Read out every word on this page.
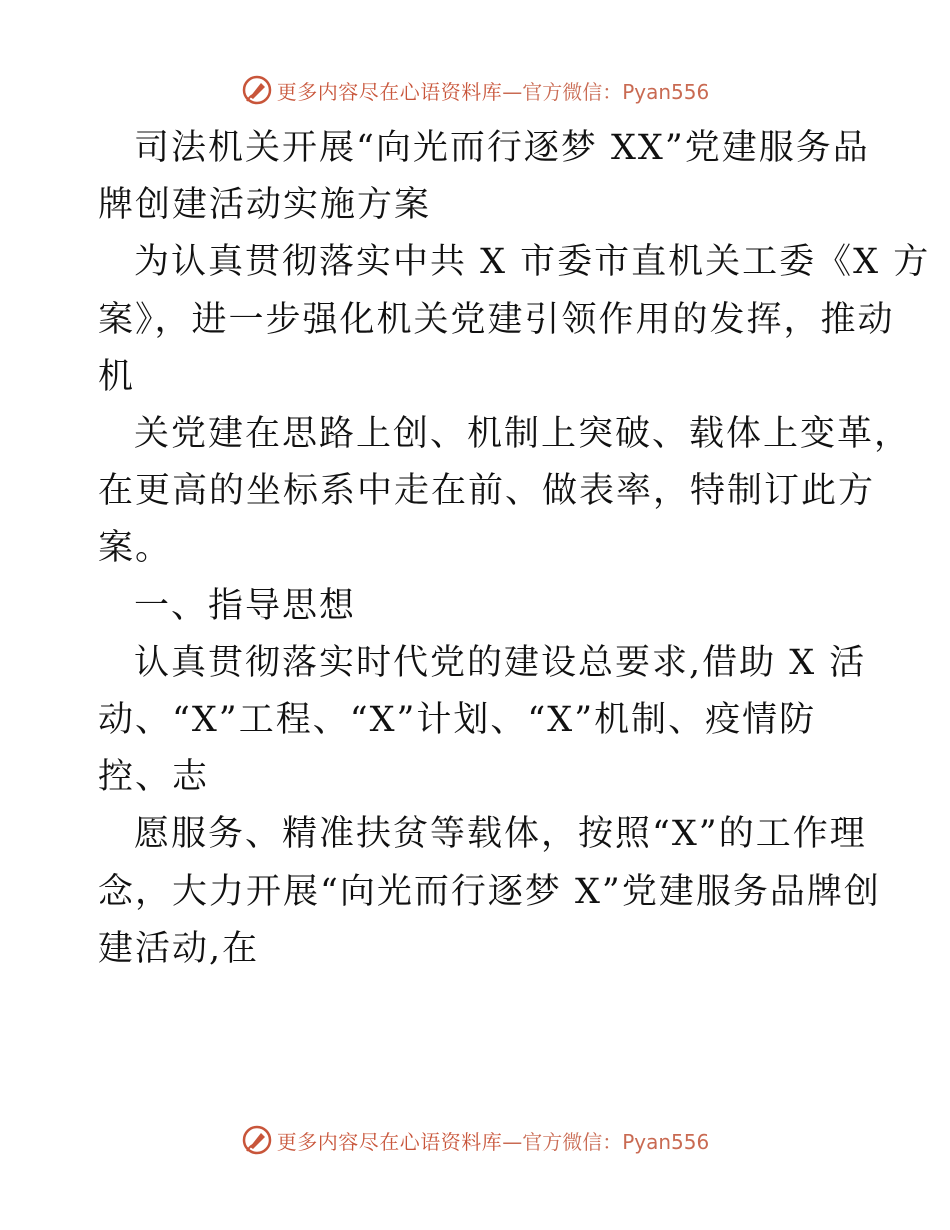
更多内容尽在心语资料库 —官方微信：Pyan556
司法机关开展“向光而行逐梦 XX”党建服务品
牌创建活动实施方案
为认真贯彻落实中共 X 市委市直机关工委《X 方
案》，进一步强化机关党建引领作用的发挥，推动
机
关党建在思路上创、机制上突破、载体上变革，
在更高的坐标系中走在前、做表率，特制订此方
案。
一、指导思想
认真贯彻落实时代党的建设总要求,借助 X 活
动、“X”工程、“X”计划、“X”机制、疫情防
控、志
愿服务、精准扶贫等载体，按照“X”的工作理
念，大力开展“向光而行逐梦 X”党建服务品牌创
建活动,在
更多内容尽在心语资料库 —官方微信：Pyan556
